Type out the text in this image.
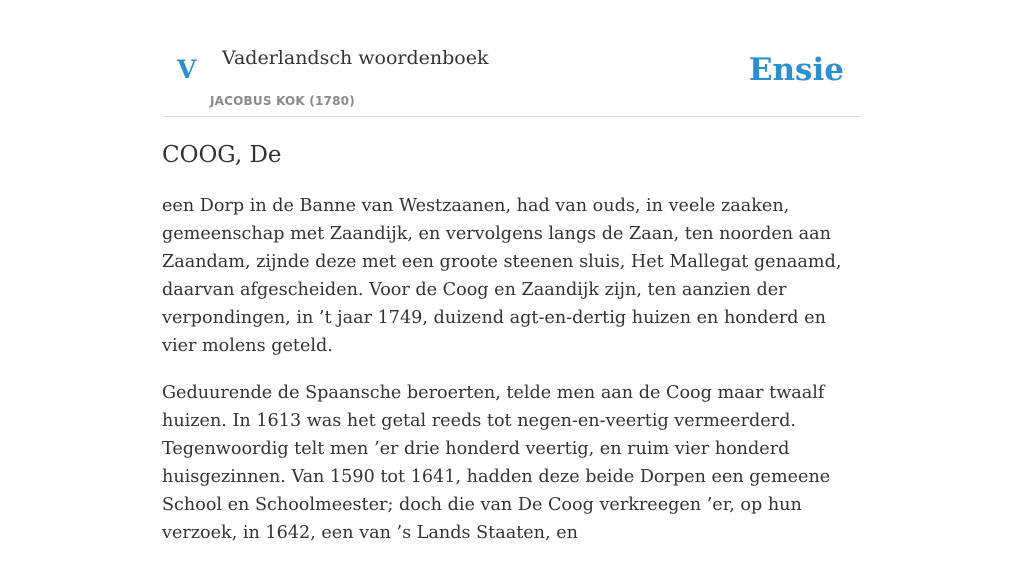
V Vaderlandsch woordenboek
JACOBUS KOK (1780)
Ensie
COOG, De

een Dorp in de Banne van Westzaanen, had van ouds, in veele zaaken, gemeenschap met Zaandijk, en vervolgens langs de Zaan, ten noorden aan Zaandam, zijnde deze met een groote steenen sluis, Het Mallegat genaamd, daarvan afgescheiden. Voor de Coog en Zaandijk zijn, ten aanzien der verpondingen, in ’t jaar 1749, duizend agt-en-dertig huizen en honderd en vier molens geteld.

Geduurende de Spaansche beroerten, telde men aan de Coog maar twaalf huizen. In 1613 was het getal reeds tot negen-en-veertig vermeerderd. Tegenwoordig telt men ’er drie honderd veertig, en ruim vier honderd huisgezinnen. Van 1590 tot 1641, hadden deze beide Dorpen een gemeene School en Schoolmeester; doch die van De Coog verkreegen ’er, op hun verzoek, in 1642, een van ’s Lands Staaten, en
